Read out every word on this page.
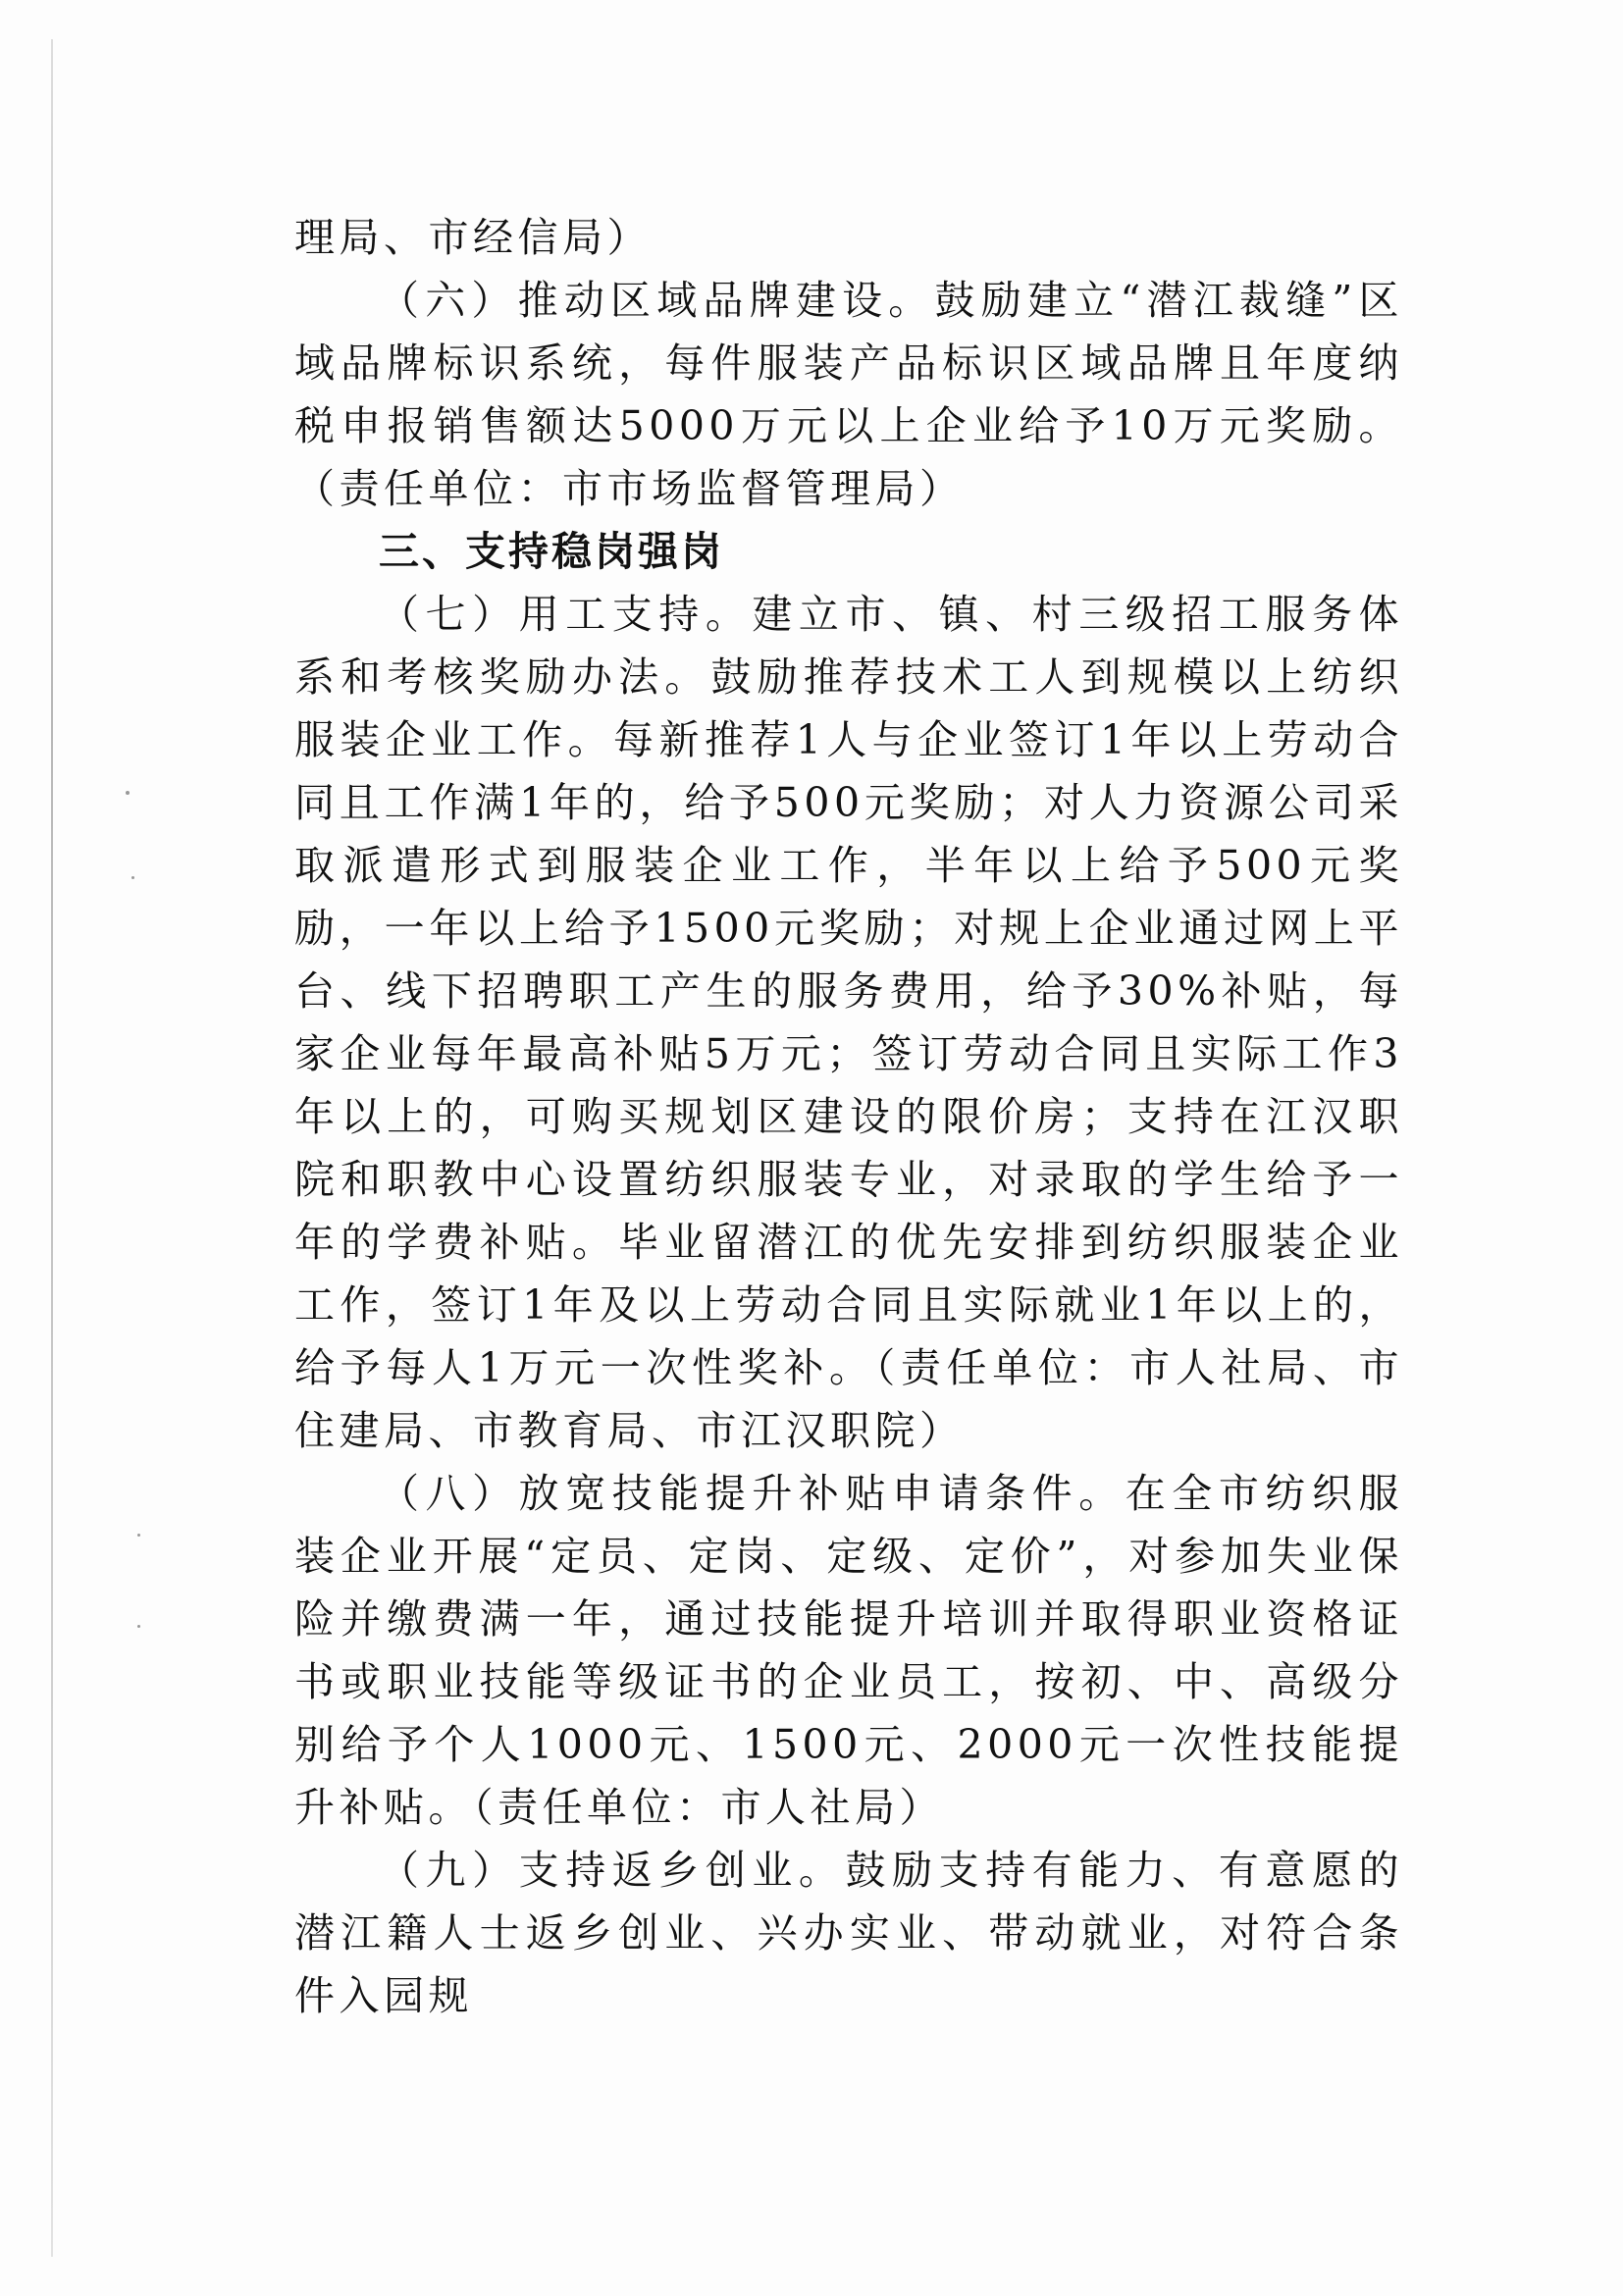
理局、市经信局）

（六）推动区域品牌建设。鼓励建立“潜江裁缝”区域品牌标识系统，每件服装产品标识区域品牌且年度纳税申报销售额达5000万元以上企业给予10万元奖励。（责任单位：市市场监督管理局）

三、支持稳岗强岗

（七）用工支持。建立市、镇、村三级招工服务体系和考核奖励办法。鼓励推荐技术工人到规模以上纺织服装企业工作。每新推荐1人与企业签订1年以上劳动合同且工作满1年的，给予500元奖励；对人力资源公司采取派遣形式到服装企业工作，半年以上给予500元奖励，一年以上给予1500元奖励；对规上企业通过网上平台、线下招聘职工产生的服务费用，给予30%补贴，每家企业每年最高补贴5万元；签订劳动合同且实际工作3年以上的，可购买规划区建设的限价房；支持在江汉职院和职教中心设置纺织服装专业，对录取的学生给予一年的学费补贴。毕业留潜江的优先安排到纺织服装企业工作，签订1年及以上劳动合同且实际就业1年以上的，给予每人1万元一次性奖补。（责任单位：市人社局、市住建局、市教育局、市江汉职院）

（八）放宽技能提升补贴申请条件。在全市纺织服装企业开展“定员、定岗、定级、定价”，对参加失业保险并缴费满一年，通过技能提升培训并取得职业资格证书或职业技能等级证书的企业员工，按初、中、高级分别给予个人1000元、1500元、2000元一次性技能提升补贴。（责任单位：市人社局）

（九）支持返乡创业。鼓励支持有能力、有意愿的潜江籍人士返乡创业、兴办实业、带动就业，对符合条件入园规
